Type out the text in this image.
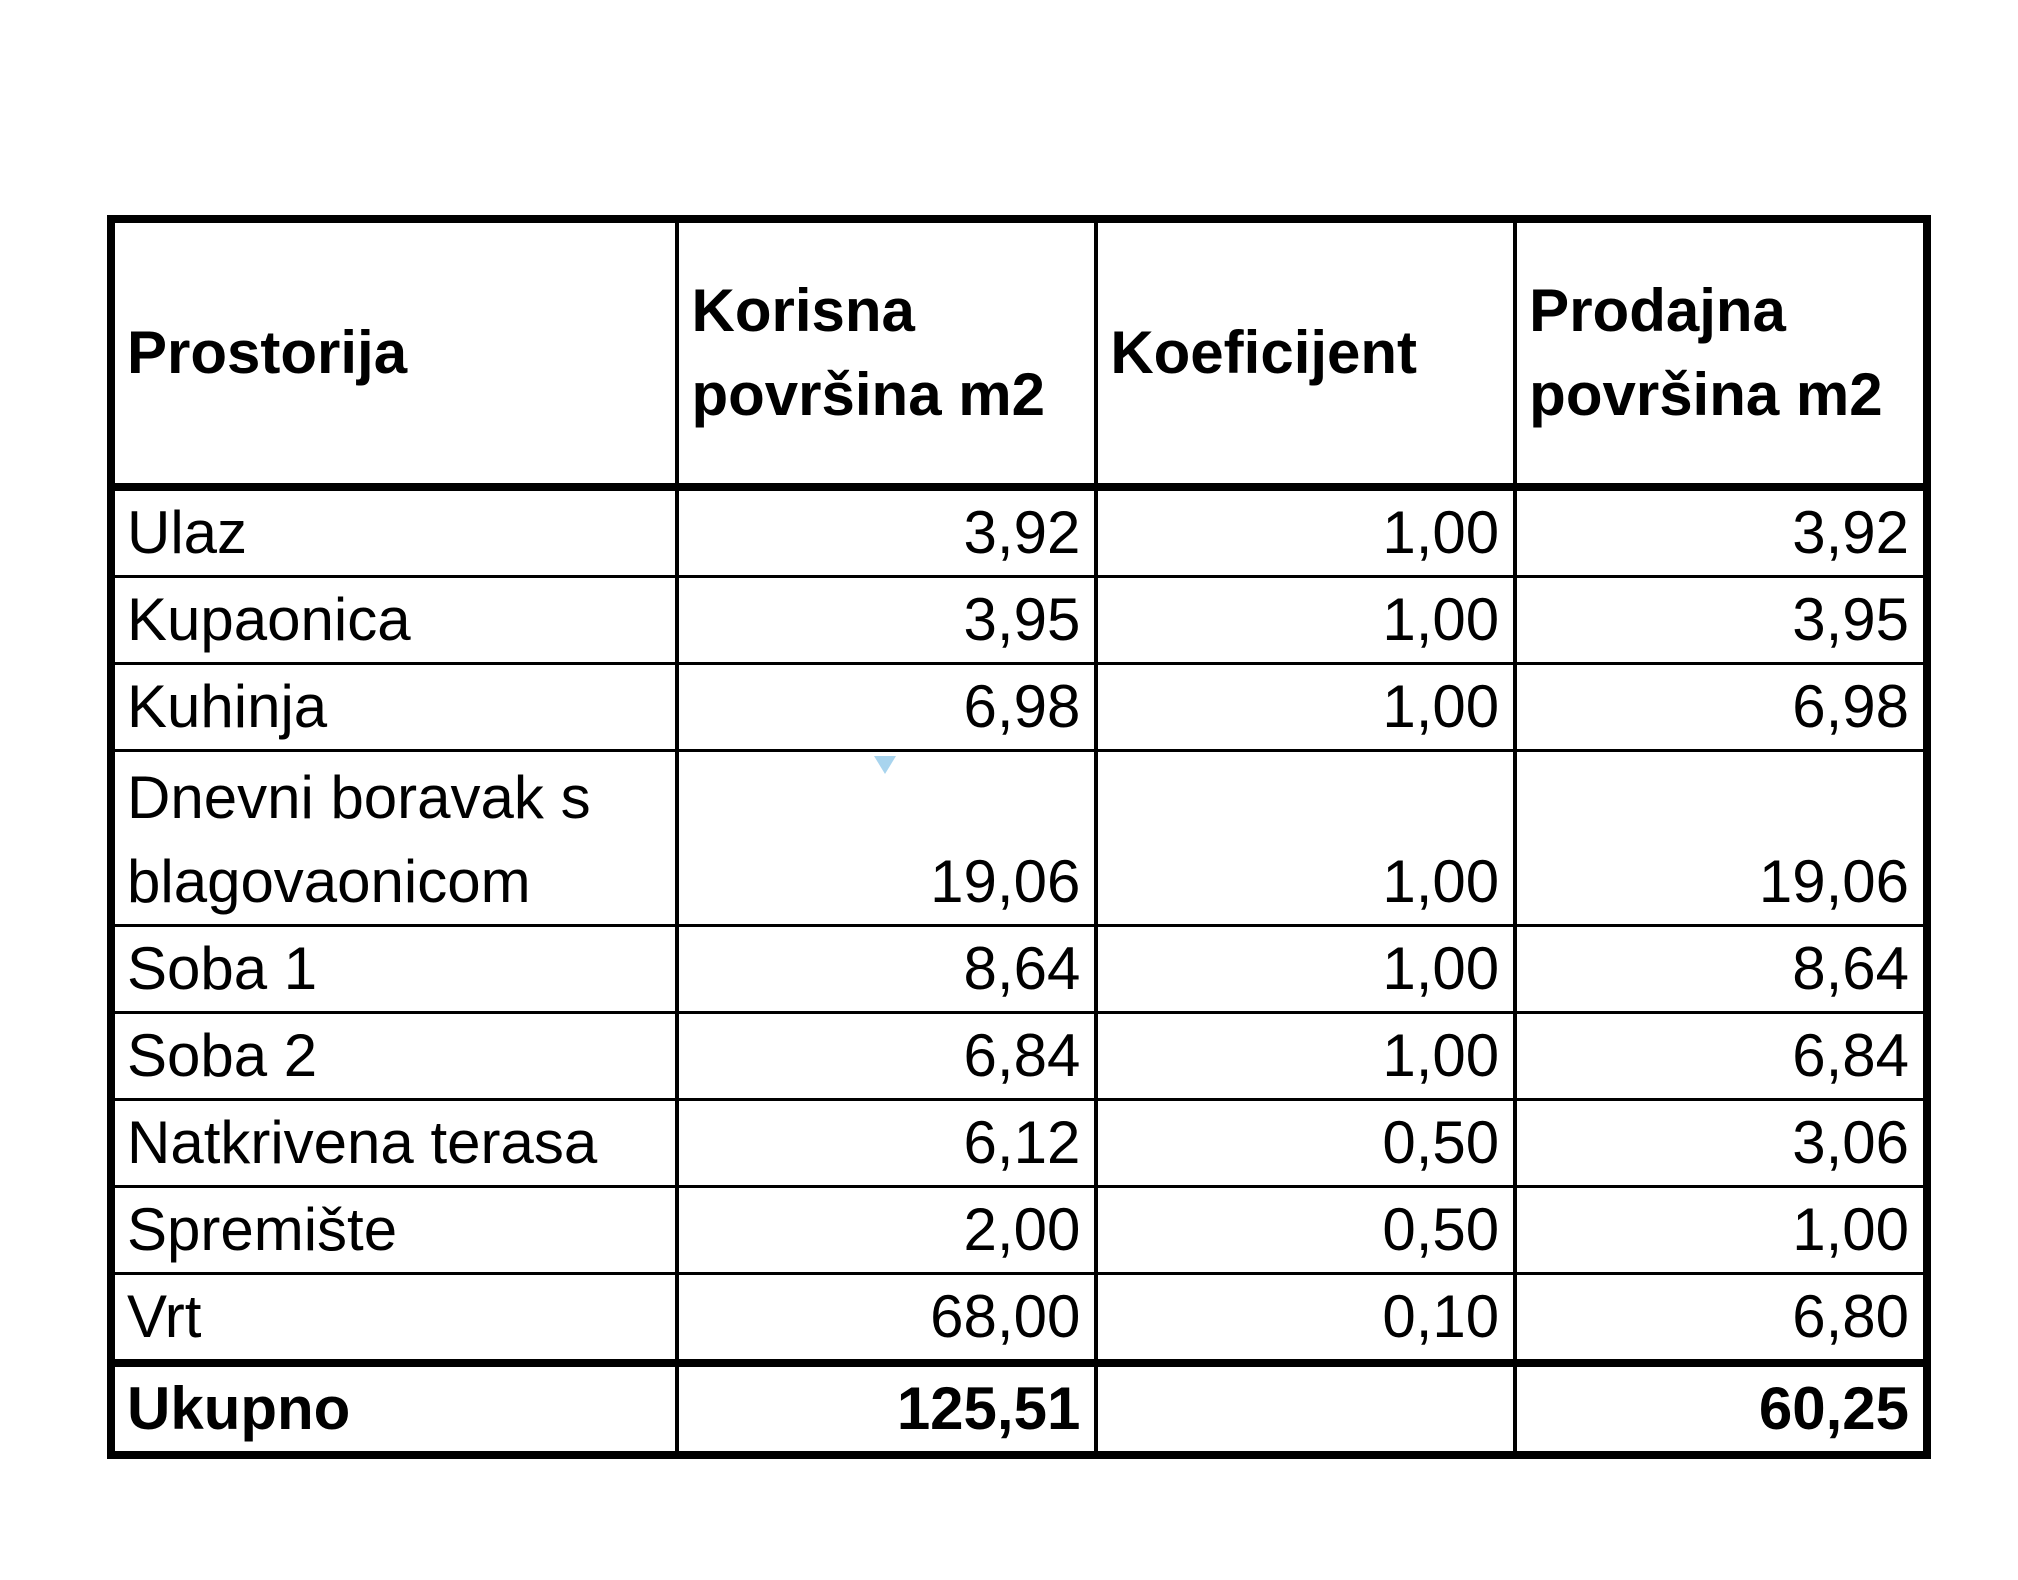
Prostorija	Korisna površina m2	Koeficijent	Prodajna površina m2
Ulaz	3,92	1,00	3,92
Kupaonica	3,95	1,00	3,95
Kuhinja	6,98	1,00	6,98
Dnevni boravak s blagovaonicom	19,06	1,00	19,06
Soba 1	8,64	1,00	8,64
Soba 2	6,84	1,00	6,84
Natkrivena terasa	6,12	0,50	3,06
Spremište	2,00	0,50	1,00
Vrt	68,00	0,10	6,80
Ukupno	125,51		60,25
